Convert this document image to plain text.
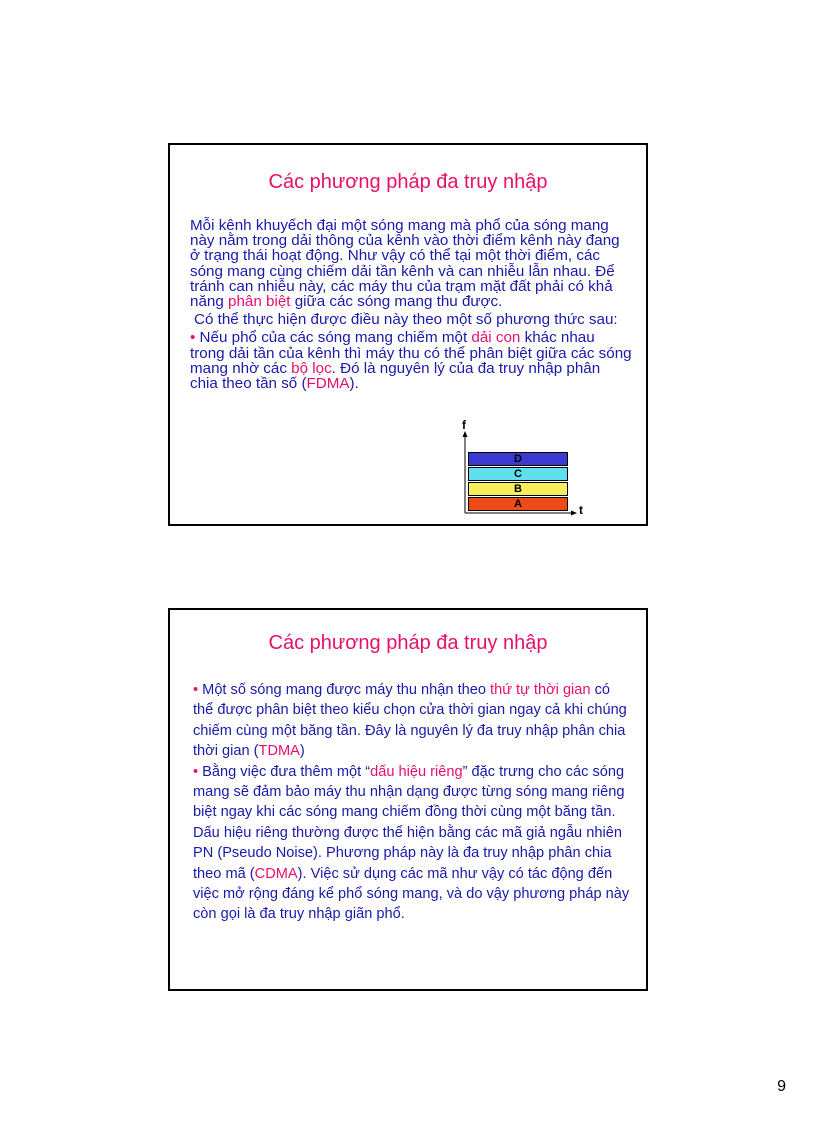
Các phương pháp đa truy nhập

Mỗi kênh khuyếch đại một sóng mang mà phổ của sóng mang này nằm trong dải thông của kênh vào thời điểm kênh này đang ở trạng thái hoạt động. Như vậy có thể tại một thời điểm, các sóng mang cùng chiếm dải tần kênh và can nhiễu lẫn nhau. Để tránh can nhiễu này, các máy thu của trạm mặt đất phải có khả năng phân biệt giữa các sóng mang thu được.

Có thể thực hiện được điều này theo một số phương thức sau:

• Nếu phổ của các sóng mang chiếm một dải con khác nhau trong dải tần của kênh thì máy thu có thể phân biệt giữa các sóng mang nhờ các bộ lọc. Đó là nguyên lý của đa truy nhập phân chia theo tần số (FDMA).

f
t
D
C
B
A
Các phương pháp đa truy nhập

• Một số sóng mang được máy thu nhận theo thứ tự thời gian có thể được phân biệt theo kiểu chọn cửa thời gian ngay cả khi chúng chiếm cùng một băng tần. Đây là nguyên lý đa truy nhập phân chia thời gian (TDMA)

• Bằng việc đưa thêm một “dấu hiệu riêng” đặc trưng cho các sóng mang sẽ đảm bảo máy thu nhận dạng được từng sóng mang riêng biệt ngay khi các sóng mang chiếm đồng thời cùng một băng tần. Dấu hiệu riêng thường được thể hiện bằng các mã giả ngẫu nhiên PN (Pseudo Noise). Phương pháp này là đa truy nhập phân chia theo mã (CDMA). Việc sử dụng các mã như vậy có tác động đến việc mở rộng đáng kể phổ sóng mang, và do vậy phương pháp này còn gọi là đa truy nhập giãn phổ.

9
